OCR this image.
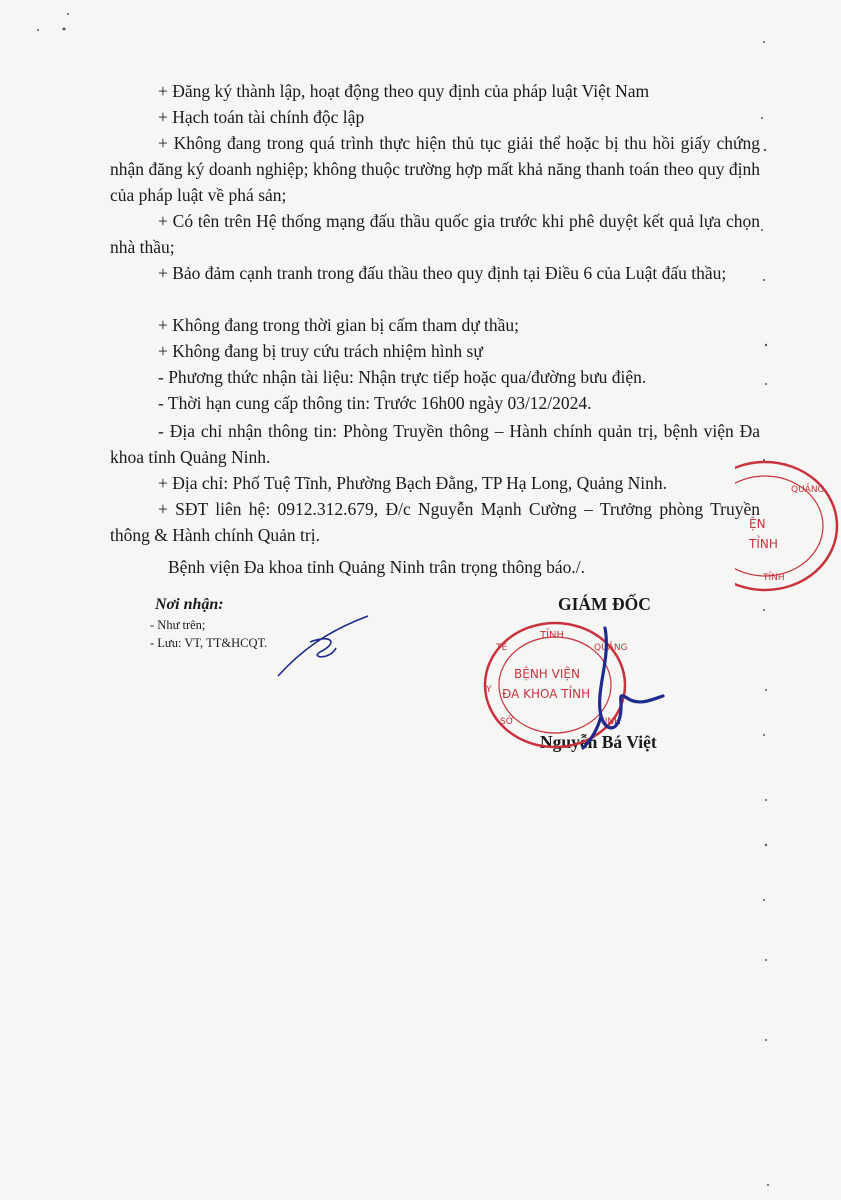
+ Đăng ký thành lập, hoạt động theo quy định của pháp luật Việt Nam
+ Hạch toán tài chính độc lập
+ Không đang trong quá trình thực hiện thủ tục giải thể hoặc bị thu hồi giấy chứng nhận đăng ký doanh nghiệp; không thuộc trường hợp mất khả năng thanh toán theo quy định của pháp luật về phá sản;
+ Có tên trên Hệ thống mạng đấu thầu quốc gia trước khi phê duyệt kết quả lựa chọn nhà thầu;
+ Bảo đảm cạnh tranh trong đấu thầu theo quy định tại Điều 6 của Luật đấu thầu;
+ Không đang trong thời gian bị cấm tham dự thầu;
+ Không đang bị truy cứu trách nhiệm hình sự
- Phương thức nhận tài liệu: Nhận trực tiếp hoặc qua/đường bưu điện.
- Thời hạn cung cấp thông tin: Trước 16h00 ngày 03/12/2024.
- Địa chỉ nhận thông tin: Phòng Truyền thông – Hành chính quản trị, bệnh viện Đa khoa tỉnh Quảng Ninh.
+ Địa chỉ: Phố Tuệ Tĩnh, Phường Bạch Đằng, TP Hạ Long, Quảng Ninh.
+ SĐT liên hệ: 0912.312.679, Đ/c Nguyễn Mạnh Cường – Trưởng phòng Truyền thông & Hành chính Quản trị.
Bệnh viện Đa khoa tỉnh Quảng Ninh trân trọng thông báo./.
Nơi nhận:
- Như trên;
- Lưu: VT, TT&HCQT.
GIÁM ĐỐC
Nguyễn Bá Việt
TỈNH
QUẢNG
NINH
SỞ
Y
TẾ
BỆNH VIỆN
ĐA KHOA TỈNH
QUẢNG
ỆN
TỈNH
TỈNH
